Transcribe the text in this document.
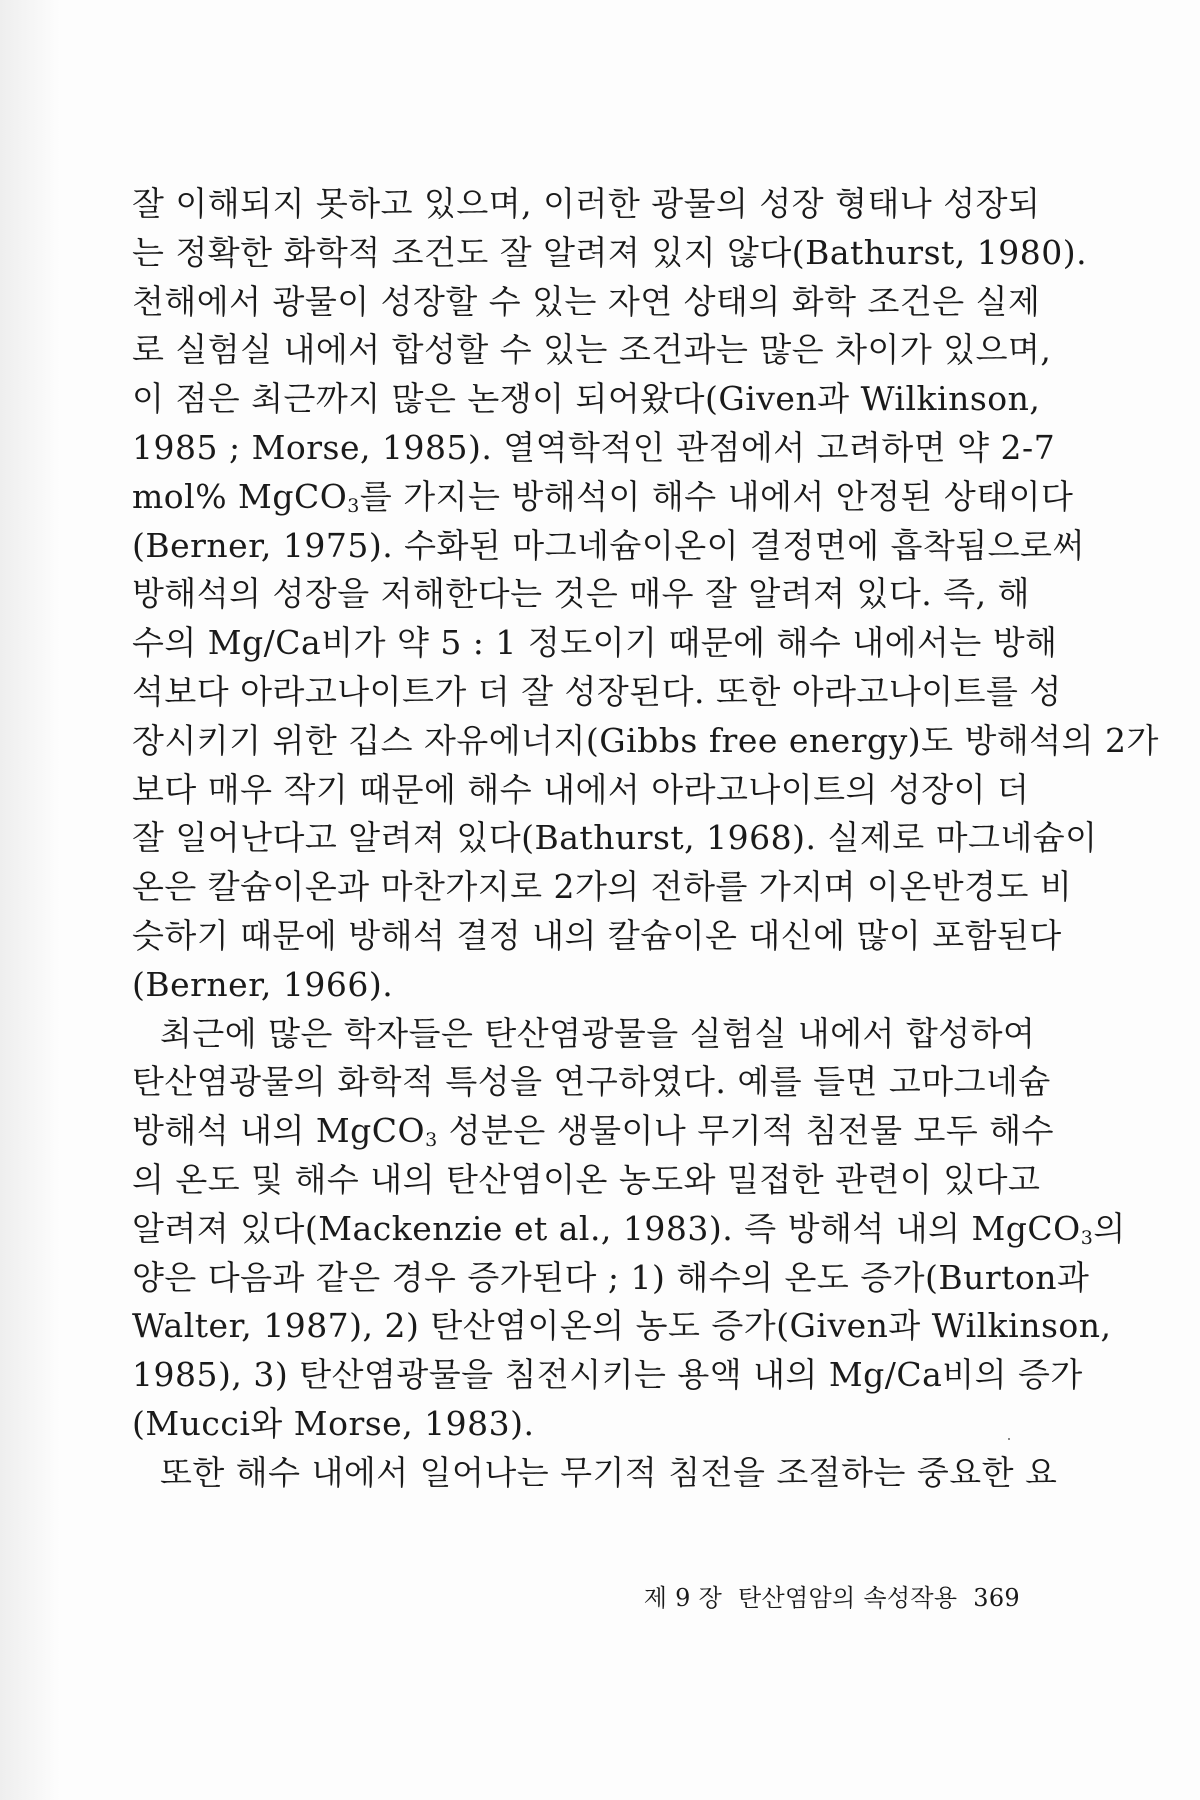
잘 이해되지 못하고 있으며, 이러한 광물의 성장 형태나 성장되
는 정확한 화학적 조건도 잘 알려져 있지 않다(Bathurst, 1980).
천해에서 광물이 성장할 수 있는 자연 상태의 화학 조건은 실제
로 실험실 내에서 합성할 수 있는 조건과는 많은 차이가 있으며,
이 점은 최근까지 많은 논쟁이 되어왔다(Given과 Wilkinson,
1985 ; Morse, 1985). 열역학적인 관점에서 고려하면 약 2-7
mol% MgCO$_3$를 가지는 방해석이 해수 내에서 안정된 상태이다
(Berner, 1975). 수화된 마그네슘이온이 결정면에 흡착됨으로써
방해석의 성장을 저해한다는 것은 매우 잘 알려져 있다. 즉, 해
수의 Mg/Ca비가 약 5 : 1 정도이기 때문에 해수 내에서는 방해
석보다 아라고나이트가 더 잘 성장된다. 또한 아라고나이트를 성
장시키기 위한 깁스 자유에너지(Gibbs free energy)도 방해석의 2가
보다 매우 작기 때문에 해수 내에서 아라고나이트의 성장이 더
잘 일어난다고 알려져 있다(Bathurst, 1968). 실제로 마그네슘이
온은 칼슘이온과 마찬가지로 2가의 전하를 가지며 이온반경도 비
슷하기 때문에 방해석 결정 내의 칼슘이온 대신에 많이 포함된다
(Berner, 1966).
최근에 많은 학자들은 탄산염광물을 실험실 내에서 합성하여
탄산염광물의 화학적 특성을 연구하였다. 예를 들면 고마그네슘
방해석 내의 MgCO$_3$ 성분은 생물이나 무기적 침전물 모두 해수
의 온도 및 해수 내의 탄산염이온 농도와 밀접한 관련이 있다고
알려져 있다(Mackenzie et al., 1983). 즉 방해석 내의 MgCO$_3$의
양은 다음과 같은 경우 증가된다 ; 1) 해수의 온도 증가(Burton과
Walter, 1987), 2) 탄산염이온의 농도 증가(Given과 Wilkinson,
1985), 3) 탄산염광물을 침전시키는 용액 내의 Mg/Ca비의 증가
(Mucci와 Morse, 1983).
또한 해수 내에서 일어나는 무기적 침전을 조절하는 중요한 요
제 9 장 탄산염암의 속성작용 369
